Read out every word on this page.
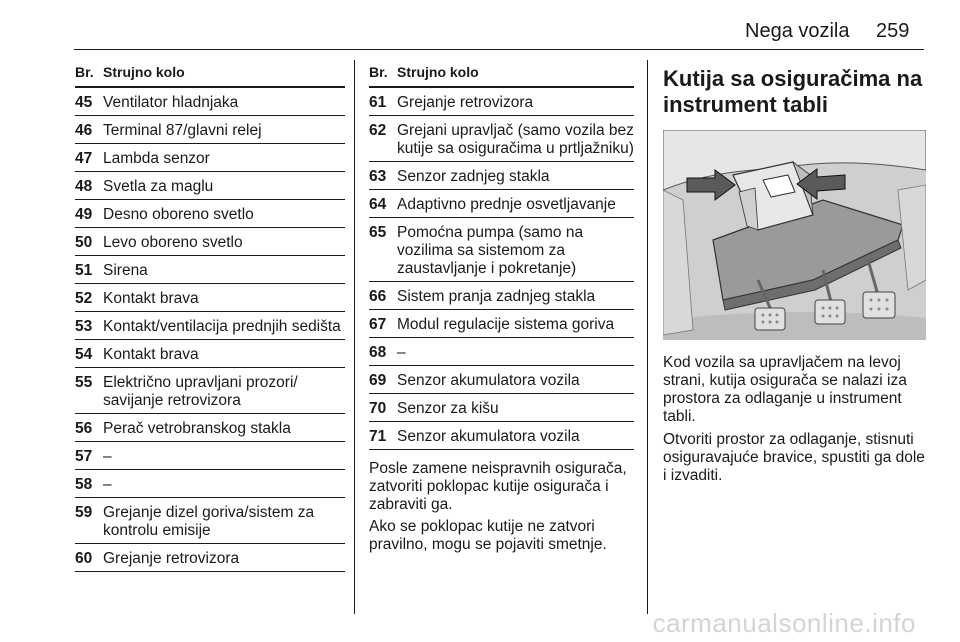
Nega vozila 259
Br. Strujno kolo
45 Ventilator hladnjaka
46 Terminal 87/glavni relej
47 Lambda senzor
48 Svetla za maglu
49 Desno oboreno svetlo
50 Levo oboreno svetlo
51 Sirena
52 Kontakt brava
53 Kontakt/ventilacija prednjih sedišta
54 Kontakt brava
55 Električno upravljani prozori/ savijanje retrovizora
56 Perač vetrobranskog stakla
57 –
58 –
59 Grejanje dizel goriva/sistem za kontrolu emisije
60 Grejanje retrovizora
Br. Strujno kolo
61 Grejanje retrovizora
62 Grejani upravljač (samo vozila bez kutije sa osiguračima u prtljažniku)
63 Senzor zadnjeg stakla
64 Adaptivno prednje osvetljavanje
65 Pomoćna pumpa (samo na vozilima sa sistemom za zaustavljanje i pokretanje)
66 Sistem pranja zadnjeg stakla
67 Modul regulacije sistema goriva
68 –
69 Senzor akumulatora vozila
70 Senzor za kišu
71 Senzor akumulatora vozila

Posle zamene neispravnih osigurača, zatvoriti poklopac kutije osigurača i zabraviti ga.

Ako se poklopac kutije ne zatvori pravilno, mogu se pojaviti smetnje.

Kutija sa osiguračima na instrument tabli

Kod vozila sa upravljačem na levoj strani, kutija osigurača se nalazi iza prostora za odlaganje u instrument tabli.

Otvoriti prostor za odlaganje, stisnuti osiguravajuće bravice, spustiti ga dole i izvaditi.

carmanualsonline.info
